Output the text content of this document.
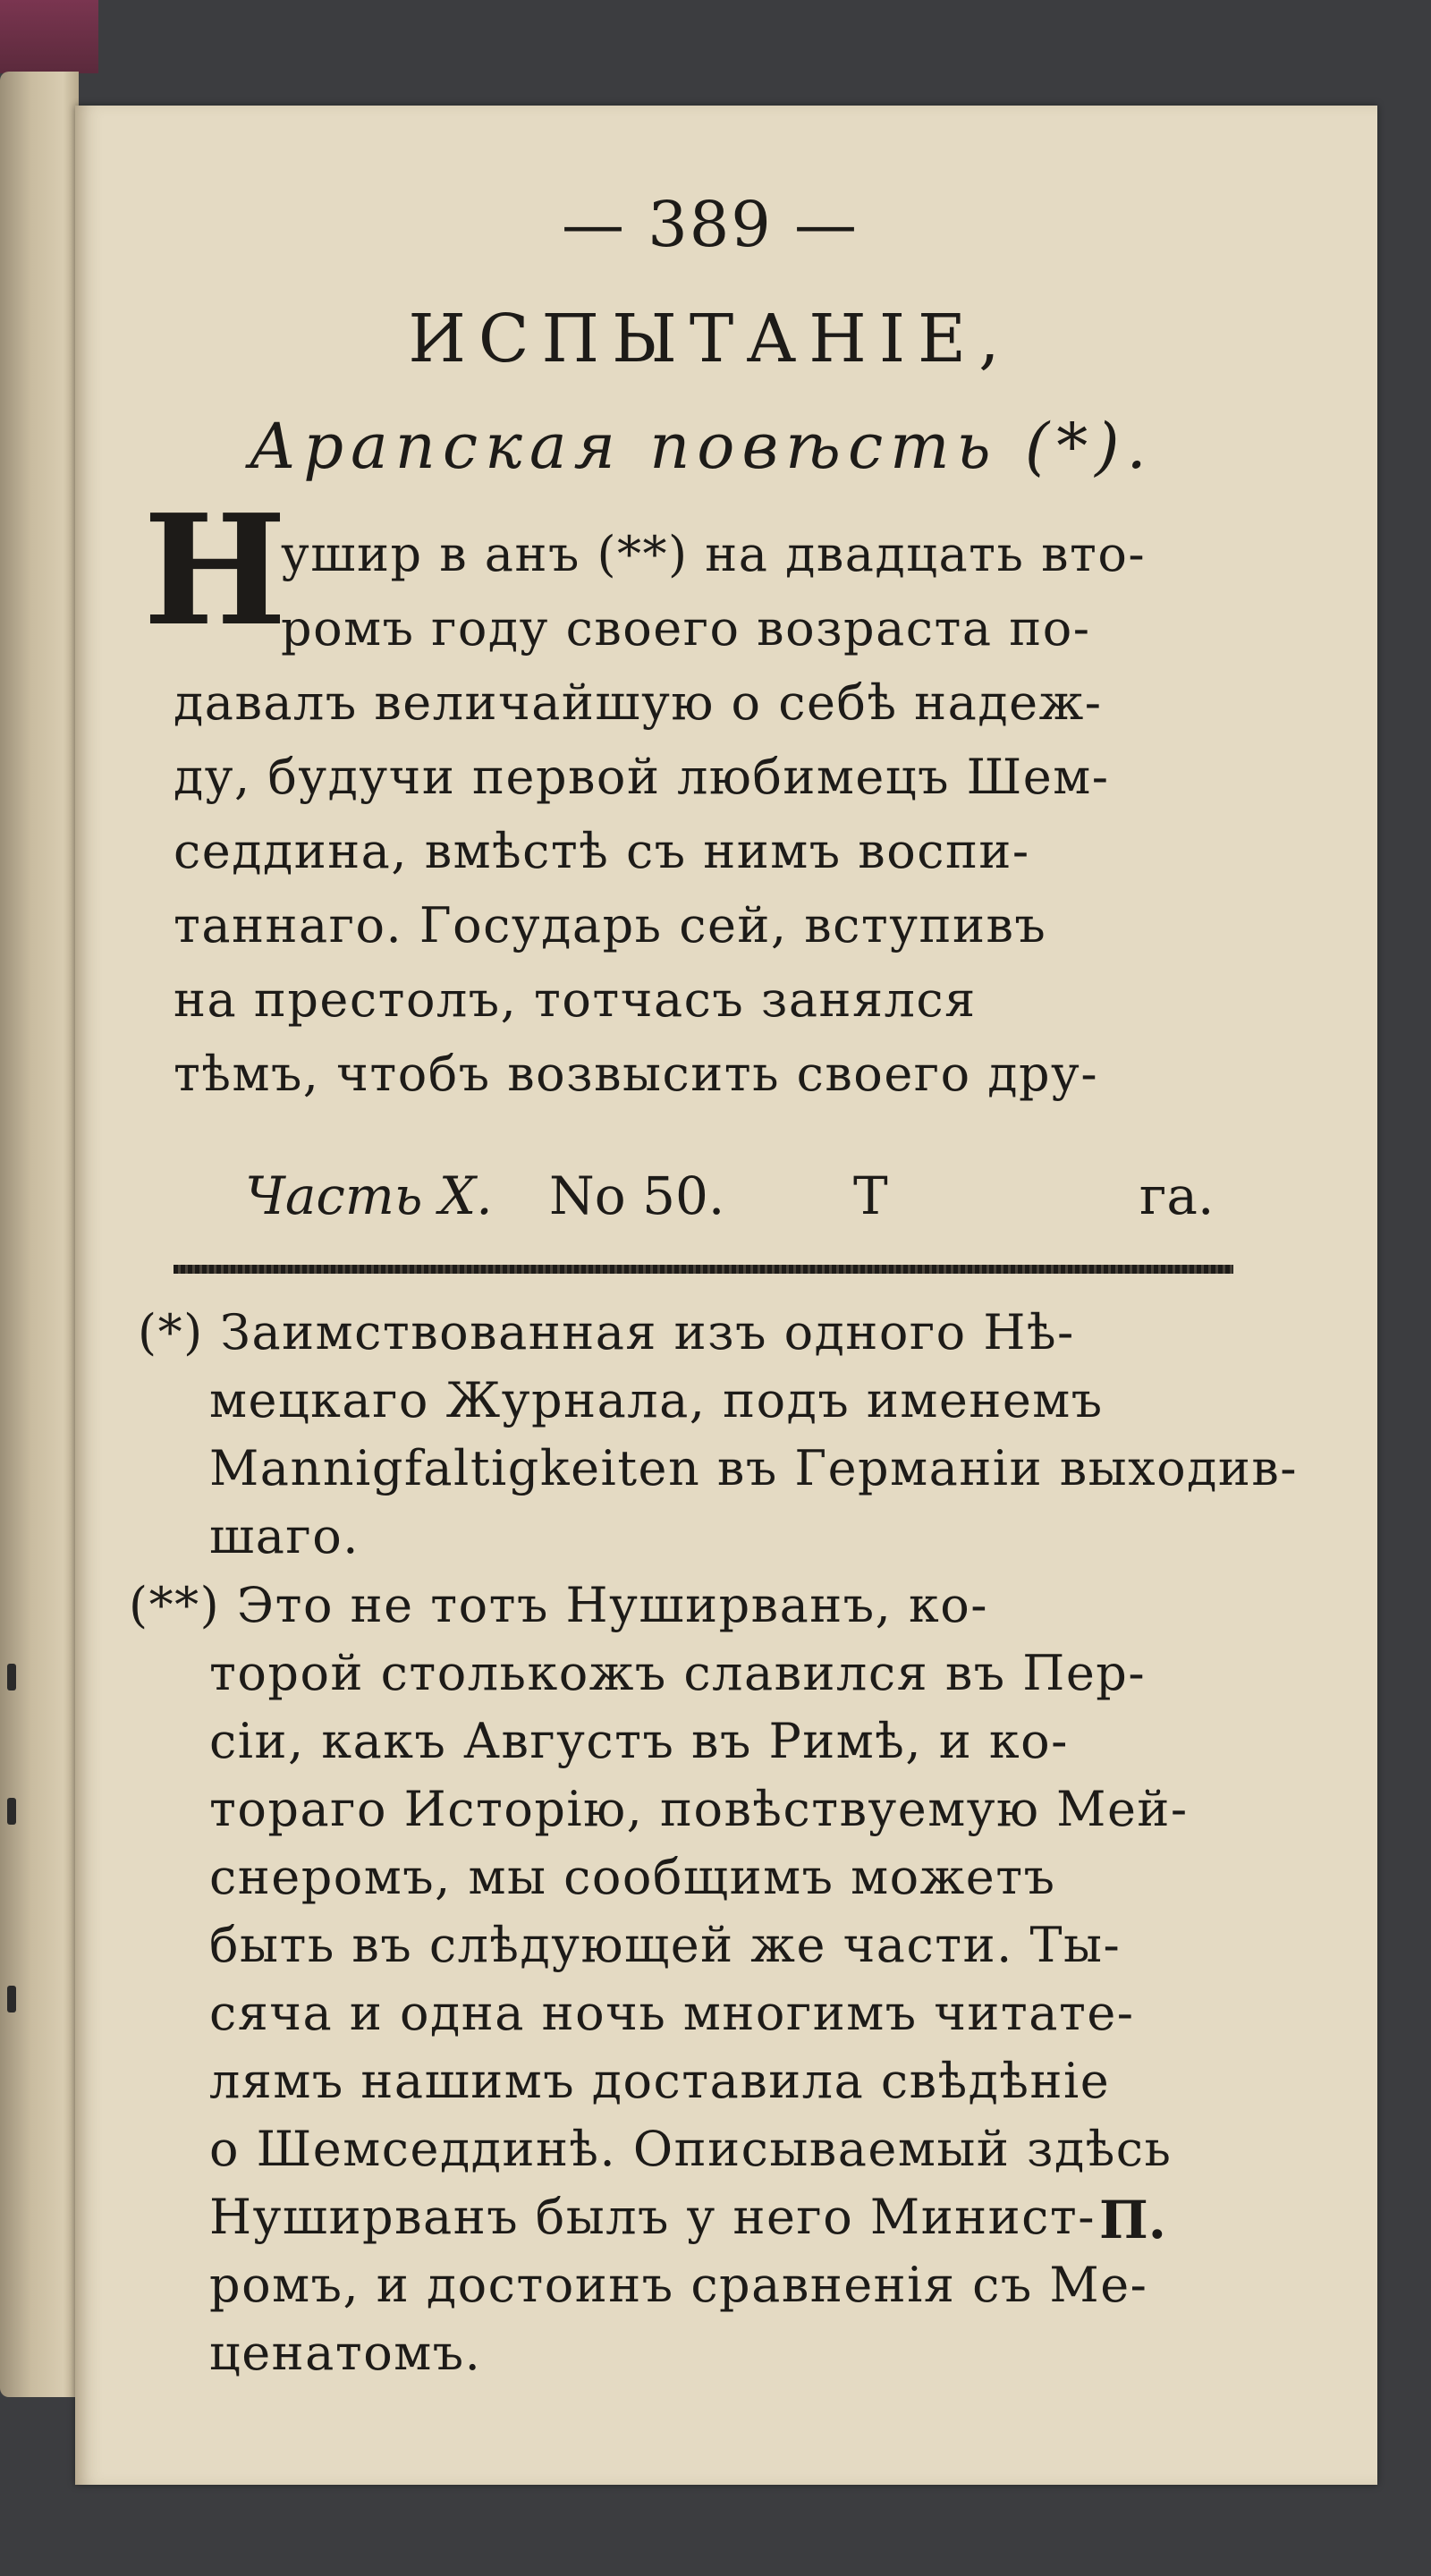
— 389 —
ИСПЫТАНІЕ,
Арапская повѣсть (*).
Н
ушир в анъ (**) на двадцать вто-
ромъ году своего возраста по-
давалъ величайшую о себѣ надеж-
ду, будучи первой любимецъ Шем-
седдина, вмѣстѣ съ нимъ воспи-
таннаго. Государь сей, вступивъ
на престолъ, тотчасъ занялся
тѣмъ, чтобъ возвысить своего дру-
Часть X. No 50. Т	га.
(*) Заимствованная изъ одного Нѣ-
мецкаго Журнала, подъ именемъ
Mannigfaltigkeiten въ Германіи выходив-
шаго.
(**) Это не тотъ Нуширванъ, ко-
торой столькожъ славился въ Пер-
сіи, какъ Августъ въ Римѣ, и ко-
тораго Исторію, повѣствуемую Мей-
снеромъ, мы сообщимъ можетъ
быть въ слѣдующей же части. Ты-
сяча и одна ночь многимъ читате-
лямъ нашимъ доставила свѣдѣніе
о Шемседдинѣ. Описываемый здѣсь
Нуширванъ былъ у него Минист-
ромъ, и достоинъ сравненія съ Ме-
ценатомъ.
П.
